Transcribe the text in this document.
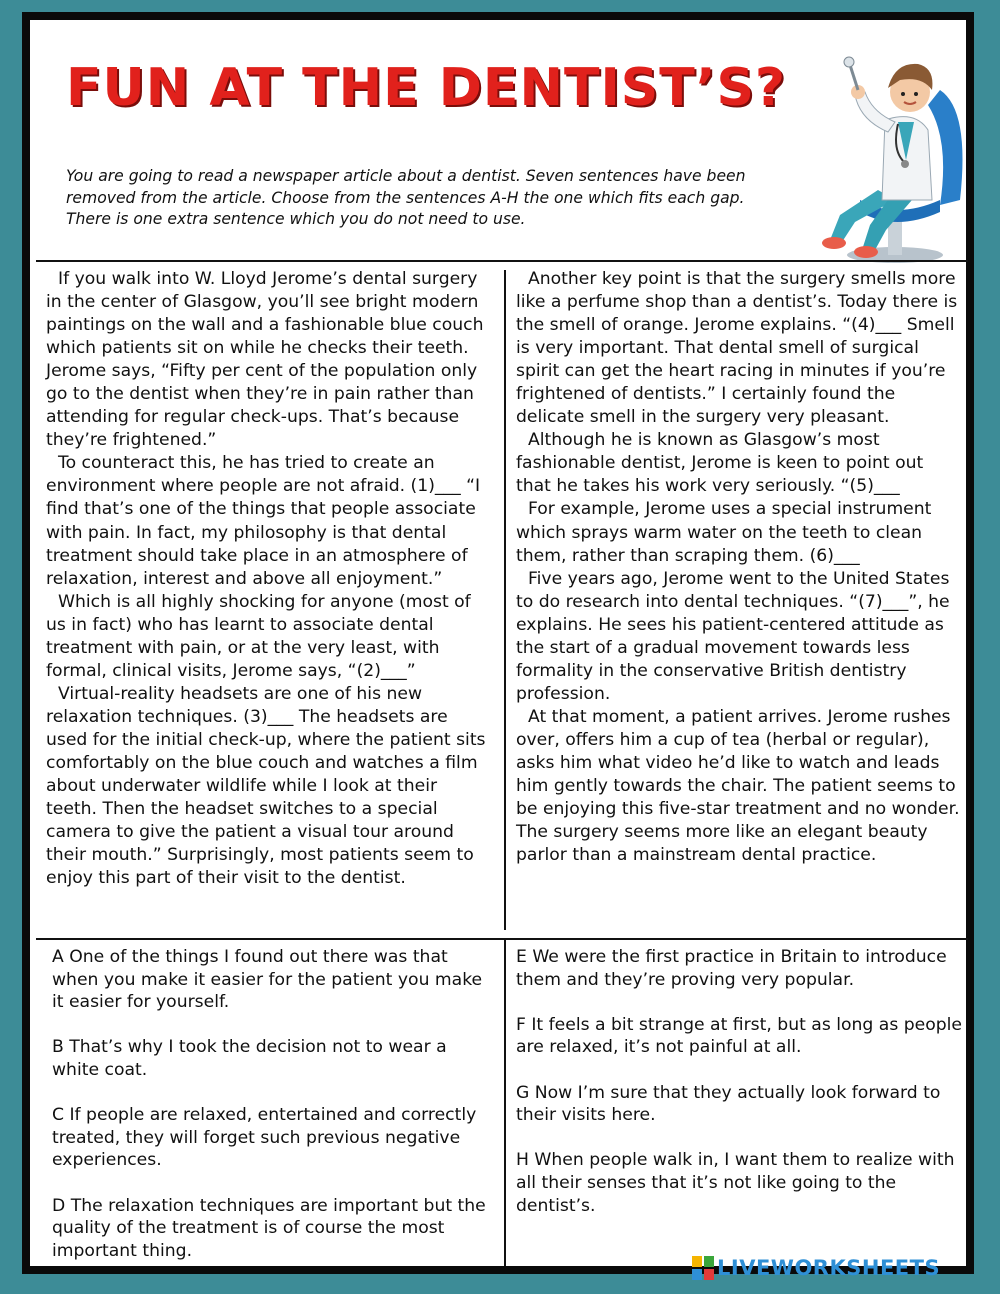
FUN AT THE DENTIST’S?

You are going to read a newspaper article about a dentist. Seven sentences have been removed from the article. Choose from the sentences A-H the one which fits each gap. There is one extra sentence which you do not need to use.

If you walk into W. Lloyd Jerome’s dental surgery in the center of Glasgow, you’ll see bright modern paintings on the wall and a fashionable blue couch which patients sit on while he checks their teeth. Jerome says, “Fifty per cent of the population only go to the dentist when they’re in pain rather than attending for regular check-ups. That’s because they’re frightened.”

To counteract this, he has tried to create an environment where people are not afraid. (1)___ “I find that’s one of the things that people associate with pain. In fact, my philosophy is that dental treatment should take place in an atmosphere of relaxation, interest and above all enjoyment.”

Which is all highly shocking for anyone (most of us in fact) who has learnt to associate dental treatment with pain, or at the very least, with formal, clinical visits, Jerome says, “(2)___”

Virtual-reality headsets are one of his new relaxation techniques. (3)___ The headsets are used for the initial check-up, where the patient sits comfortably on the blue couch and watches a film about underwater wildlife while I look at their teeth. Then the headset switches to a special camera to give the patient a visual tour around their mouth.” Surprisingly, most patients seem to enjoy this part of their visit to the dentist.

Another key point is that the surgery smells more like a perfume shop than a dentist’s. Today there is the smell of orange. Jerome explains. “(4)___ Smell is very important. That dental smell of surgical spirit can get the heart racing in minutes if you’re frightened of dentists.” I certainly found the delicate smell in the surgery very pleasant.

Although he is known as Glasgow’s most fashionable dentist, Jerome is keen to point out that he takes his work very seriously. “(5)___

For example, Jerome uses a special instrument which sprays warm water on the teeth to clean them, rather than scraping them. (6)___

Five years ago, Jerome went to the United States to do research into dental techniques. “(7)___”, he explains. He sees his patient-centered attitude as the start of a gradual movement towards less formality in the conservative British dentistry profession.

At that moment, a patient arrives. Jerome rushes over, offers him a cup of tea (herbal or regular), asks him what video he’d like to watch and leads him gently towards the chair. The patient seems to be enjoying this five-star treatment and no wonder. The surgery seems more like an elegant beauty parlor than a mainstream dental practice.

A One of the things I found out there was that when you make it easier for the patient you make it easier for yourself.

B That’s why I took the decision not to wear a white coat.

C If people are relaxed, entertained and correctly treated, they will forget such previous negative experiences.

D The relaxation techniques are important but the quality of the treatment is of course the most important thing.

E We were the first practice in Britain to introduce them and they’re proving very popular.

F It feels a bit strange at first, but as long as people are relaxed, it’s not painful at all.

G Now I’m sure that they actually look forward to their visits here.

H When people walk in, I want them to realize with all their senses that it’s not like going to the dentist’s.

LIVEWORKSHEETS
